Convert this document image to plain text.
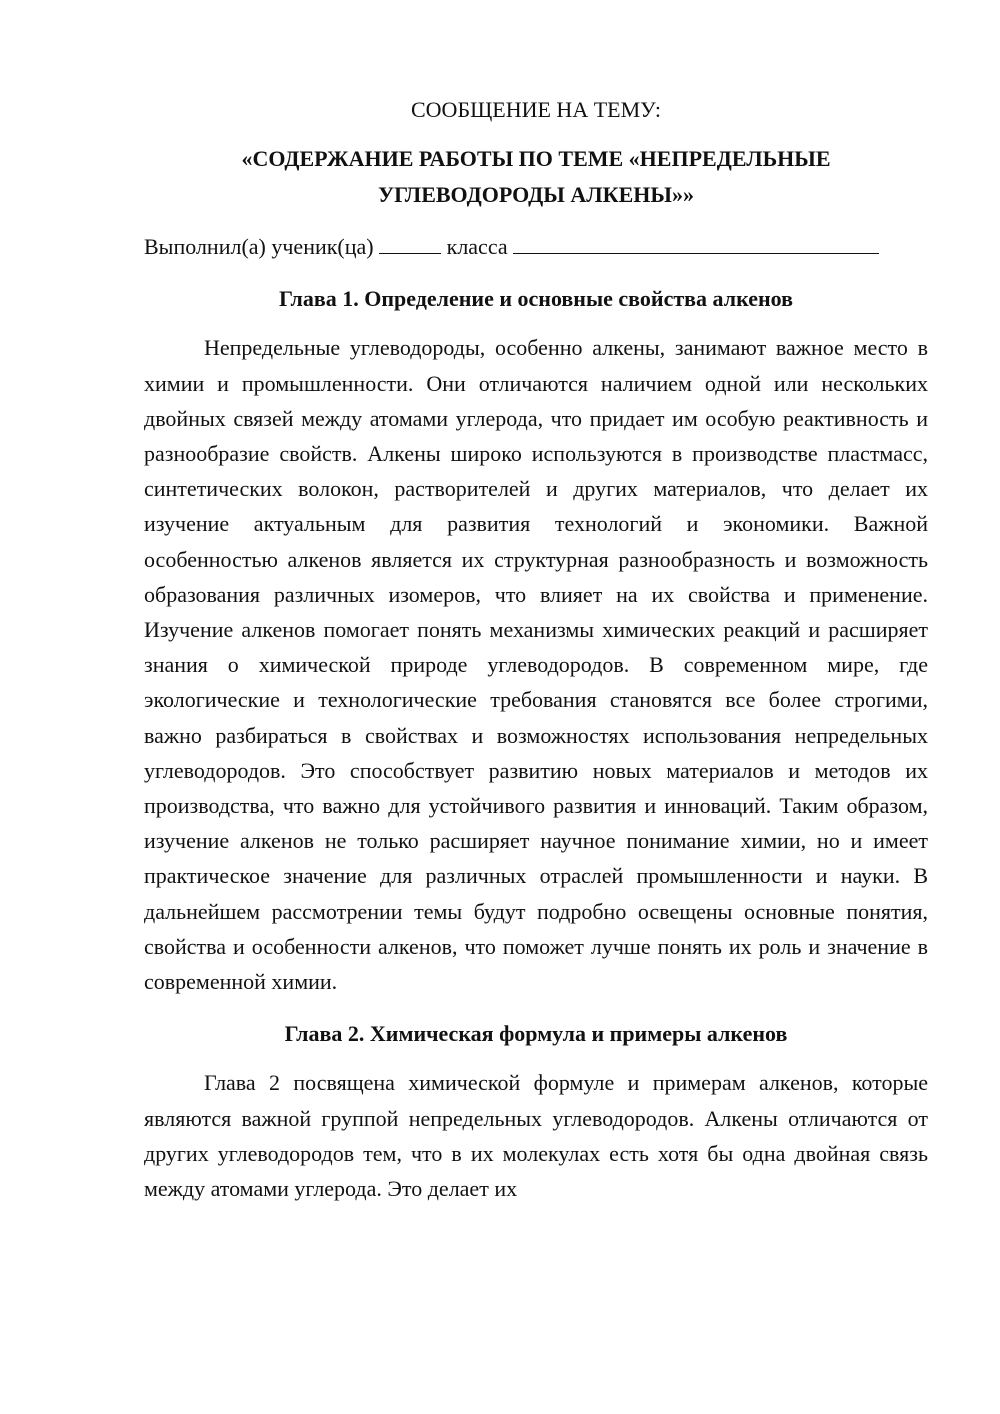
СООБЩЕНИЕ НА ТЕМУ:

«СОДЕРЖАНИЕ РАБОТЫ ПО ТЕМЕ «НЕПРЕДЕЛЬНЫЕ

УГЛЕВОДОРОДЫ АЛКЕНЫ»»

Выполнил(а) ученик(ца)	класса

Глава 1. Определение и основные свойства алкенов

Непредельные углеводороды, особенно алкены, занимают важное место в химии и промышленности. Они отличаются наличием одной или нескольких двойных связей между атомами углерода, что придает им особую реактивность и разнообразие свойств. Алкены широко используются в производстве пластмасс, синтетических волокон, растворителей и других материалов, что делает их изучение актуальным для развития технологий и экономики. Важной особенностью алкенов является их структурная разнообразность и возможность образования различных изомеров, что влияет на их свойства и применение. Изучение алкенов помогает понять механизмы химических реакций и расширяет знания о химической природе углеводородов. В современном мире, где экологические и технологические требования становятся все более строгими, важно разбираться в свойствах и возможностях использования непредельных углеводородов. Это способствует развитию новых материалов и методов их производства, что важно для устойчивого развития и инноваций. Таким образом, изучение алкенов не только расширяет научное понимание химии, но и имеет практическое значение для различных отраслей промышленности и науки. В дальнейшем рассмотрении темы будут подробно освещены основные понятия, свойства и особенности алкенов, что поможет лучше понять их роль и значение в современной химии.

Глава 2. Химическая формула и примеры алкенов

Глава 2 посвящена химической формуле и примерам алкенов, которые являются важной группой непредельных углеводородов. Алкены отличаются от других углеводородов тем, что в их молекулах есть хотя бы одна двойная связь между атомами углерода. Это делает их
